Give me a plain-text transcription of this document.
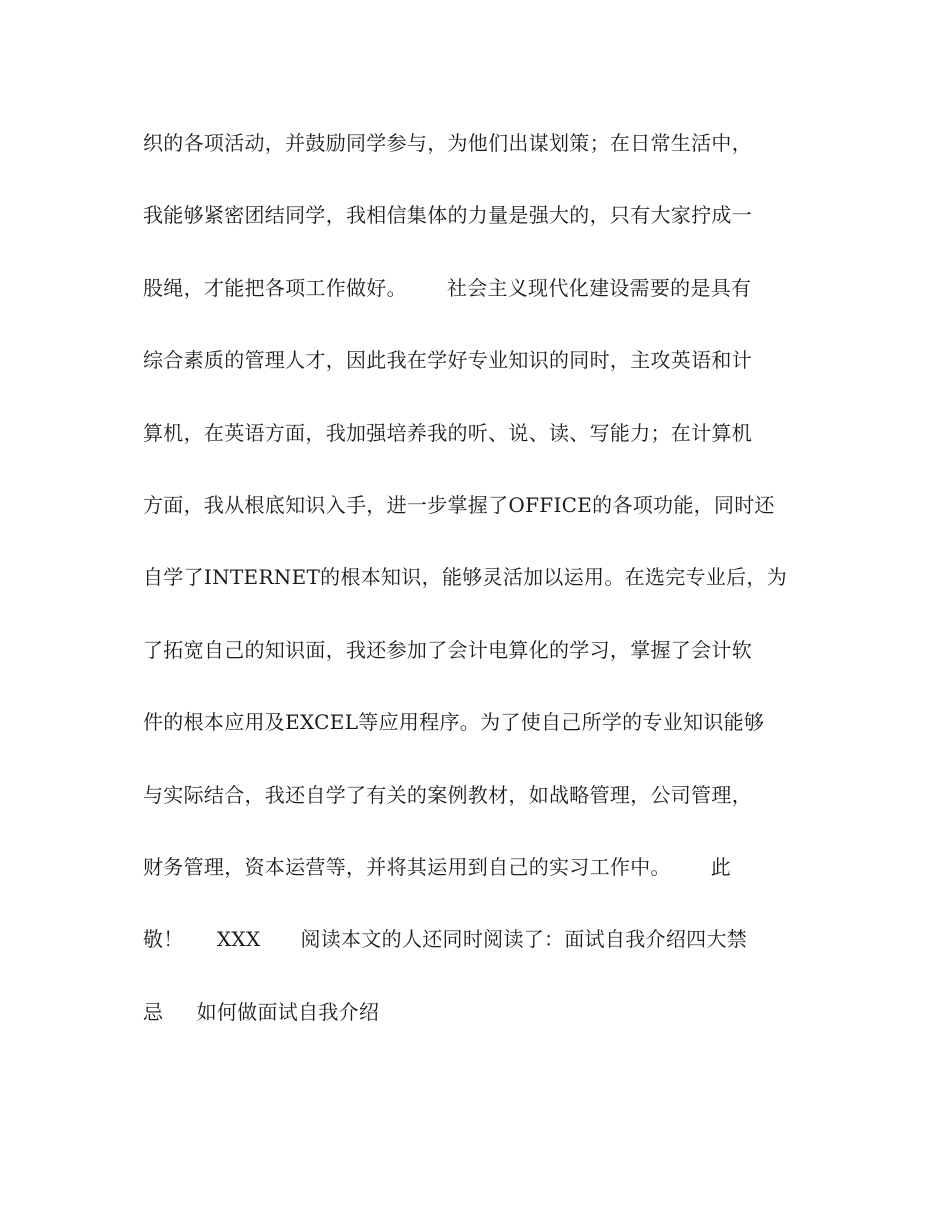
织的各项活动，并鼓励同学参与，为他们出谋划策；在日常生活中，
我能够紧密团结同学，我相信集体的力量是强大的，只有大家拧成一
股绳，才能把各项工作做好。      社会主义现代化建设需要的是具有
综合素质的管理人才，因此我在学好专业知识的同时，主攻英语和计
算机，在英语方面，我加强培养我的听、说、读、写能力；在计算机
方面，我从根底知识入手，进一步掌握了OFFICE的各项功能，同时还
自学了INTERNET的根本知识，能够灵活加以运用。在选完专业后，为
了拓宽自己的知识面，我还参加了会计电算化的学习，掌握了会计软
件的根本应用及EXCEL等应用程序。为了使自己所学的专业知识能够
与实际结合，我还自学了有关的案例教材，如战略管理，公司管理，
财务管理，资本运营等，并将其运用到自己的实习工作中。      此
敬！     XXX      阅读本文的人还同时阅读了：面试自我介绍四大禁
忌     如何做面试自我介绍
